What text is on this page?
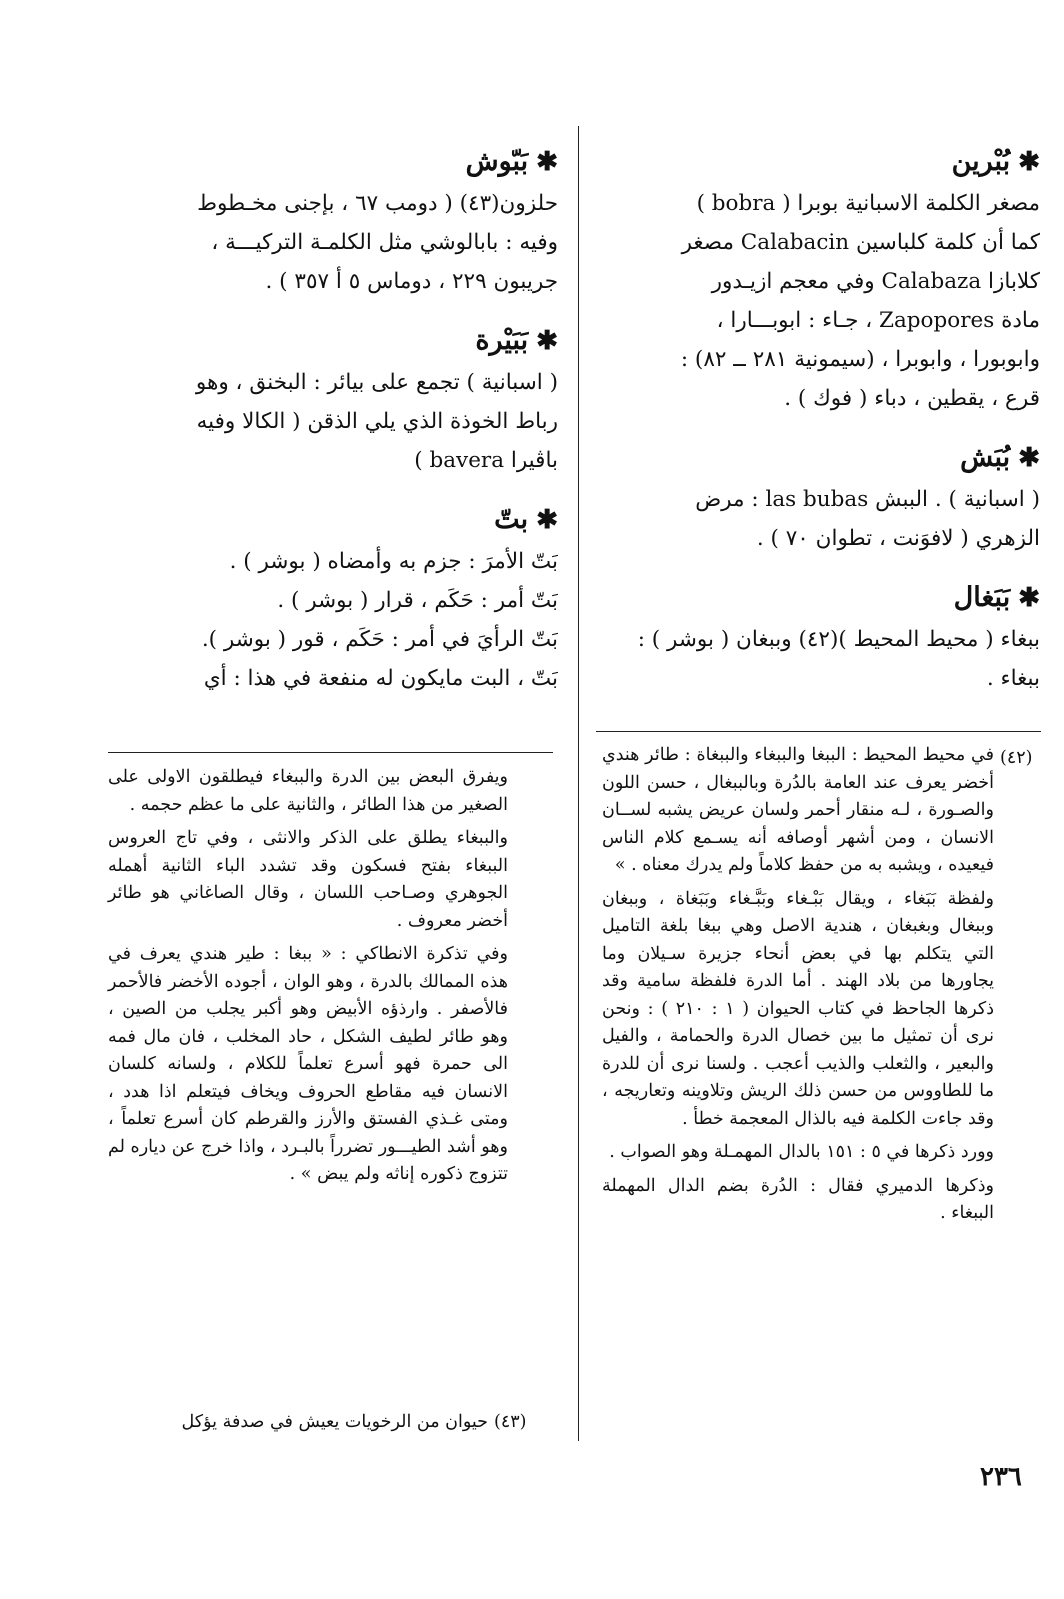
✱بُبْرين
مصغر الكلمة الاسبانية بوبرا ( bobra )
كما أن كلمة كلباسين Calabacin مصغر
كلابازا Calabaza وفي معجم ازيـدور
مادة Zapopores ، جـاء : ابوبـــارا ،
وابوبورا ، وابوبرا ، (سيمونية ٢٨١ ــ ٨٢) :
قرع ، يقطين ، دباء ( فوك ) .
✱بُبَش
( اسبانية ) . الببش las bubas : مرض
الزهري ( لافوَنت ، تطوان ٧٠ ) .
✱بَبَغال
ببغاء ( محيط المحيط )(٤٢) وببغان ( بوشر ) :
ببغاء .
✱بَبّوش
حلزون(٤٣) ( دومب ٦٧ ، بإجنى مخـطوط
وفيه : بابالوشي مثل الكلمـة التركيـــة ،
جريبون ٢٢٩ ، دوماس ٥ أ ٣٥٧ ) .
✱بَبَيْرة
( اسبانية ) تجمع على بيائر : البخنق ، وهو
رباط الخوذة الذي يلي الذقن ( الكالا وفيه
باڤيرا bavera )
✱بتّ
بَتّ الأمرَ : جزم به وأمضاه ( بوشر ) .
بَتّ أمر : حَكَم ، قرار ( بوشر ) .
بَتّ الرأيَ في أمر : حَكَم ، قور ( بوشر ).
بَتّ ، البت مايكون له منفعة في هذا : أي
(٤٢)

في محيط المحيط : الببغا والببغاء والببغاة : طائر هندي أخضر يعرف عند العامة بالدُرة وبالببغال ، حسن اللون والصـورة ، لـه منقار أحمر ولسان عريض يشبه لســان الانسان ، ومن أشهر أوصافه أنه يسـمع كلام الناس فيعيده ، ويشبه به من حفظ كلاماً ولم يدرك معناه . »

ولفظة بَبَغاء ، ويقال بَبْـغاء وبَبَّـغاء وبَبَغاة ، وببغان وببغال وبغبغان ، هندية الاصل وهي ببغا بلغة التاميل التي يتكلم بها في بعض أنحاء جزيرة سـيلان وما يجاورها من بلاد الهند . أما الدرة فلفظة سامية وقد ذكرها الجاحظ في كتاب الحيوان ( ١ : ٢١٠ ) : ونحن نرى أن تمثيل ما بين خصال الدرة والحمامة ، والفيل والبعير ، والثعلب والذيب أعجب . ولسنا نرى أن للدرة ما للطاووس من حسن ذلك الريش وتلاوينه وتعاريجه ، وقد جاءت الكلمة فيه بالذال المعجمة خطأ .

وورد ذكرها في ٥ : ١٥١ بالدال المهمـلة وهو الصواب .

وذكرها الدميري فقال : الدُرة بضم الدال المهملة الببغاء .

ويفرق البعض بين الدرة والببغاء فيطلقون الاولى على الصغير من هذا الطائر ، والثانية على ما عظم حجمه .

والببغاء يطلق على الذكر والانثى ، وفي تاج العروس الببغاء بفتح فسكون وقد تشدد الباء الثانية أهمله الجوهري وصـاحب اللسان ، وقال الصاغاني هو طائر أخضر معروف .

وفي تذكرة الانطاكي : « ببغا : طير هندي يعرف في هذه الممالك بالدرة ، وهو الوان ، أجوده الأخضر فالأحمر فالأصفر . وارذؤه الأبيض وهو أكبر يجلب من الصين ، وهو طائر لطيف الشكل ، حاد المخلب ، فان مال فمه الى حمرة فهو أسرع تعلماً للكلام ، ولسانه كلسان الانسان فيه مقاطع الحروف ويخاف فيتعلم اذا هدد ، ومتى غـذي الفستق والأرز والقرطم كان أسرع تعلماً ، وهو أشد الطيـــور تضرراً بالبـرد ، واذا خرج عن دياره لم تتزوج ذكوره إناثه ولم يبض » .

(٤٣)

حيوان من الرخويات يعيش في صدفة يؤكل

٢٣٦
